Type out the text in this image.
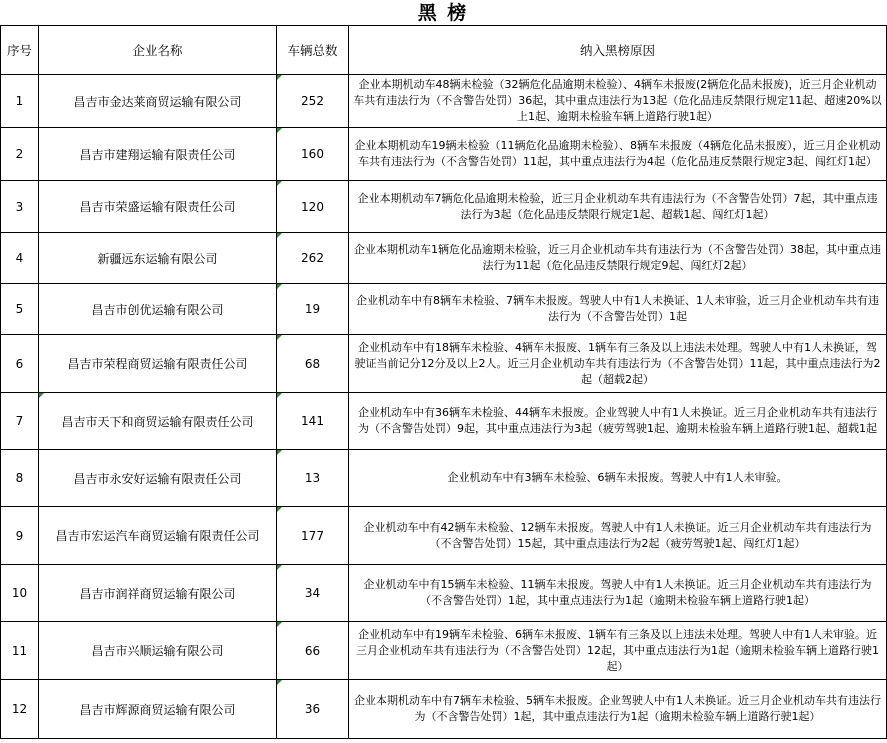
黑 榜
序号	企业名称	车辆总数	纳入黑榜原因
1	昌吉市金达莱商贸运输有限公司	252	企业本期机动车48辆未检验（32辆危化品逾期未检验）、4辆车未报废(2辆危化品未报废)，近三月企业机动车共有违法行为（不含警告处罚）36起，其中重点违法行为13起（危化品违反禁限行规定11起、超速20%以上1起、逾期未检验车辆上道路行驶1起）
2	昌吉市建翔运输有限责任公司	160	企业本期机动车19辆未检验（11辆危化品逾期未检验）、8辆车未报废（4辆危化品未报废），近三月企业机动车共有违法行为（不含警告处罚）11起，其中重点违法行为4起（危化品违反禁限行规定3起、闯红灯1起）
3	昌吉市荣盛运输有限责任公司	120	企业本期机动车7辆危化品逾期未检验，近三月企业机动车共有违法行为（不含警告处罚）7起，其中重点违法行为3起（危化品违反禁限行规定1起、超载1起、闯红灯1起）
4	新疆远东运输有限公司	262	企业本期机动车1辆危化品逾期未检验，近三月企业机动车共有违法行为（不含警告处罚）38起，其中重点违法行为11起（危化品违反禁限行规定9起、闯红灯2起）
5	昌吉市创优运输有限公司	19	企业机动车中有8辆车未检验、7辆车未报废。驾驶人中有1人未换证、1人未审验，近三月企业机动车共有违法行为（不含警告处罚）1起
6	昌吉市荣程商贸运输有限责任公司	68	企业机动车中有18辆车未检验、4辆车未报废、1辆车有三条及以上违法未处理。驾驶人中有1人未换证，驾驶证当前记分12分及以上2人。近三月企业机动车共有违法行为（不含警告处罚）11起，其中重点违法行为2起（超载2起）
7	昌吉市天下和商贸运输有限责任公司	141	企业机动车中有36辆车未检验、44辆车未报废。企业驾驶人中有1人未换证。近三月企业机动车共有违法行为（不含警告处罚）9起，其中重点违法行为3起（疲劳驾驶1起、逾期未检验车辆上道路行驶1起、超载1起
8	昌吉市永安好运输有限责任公司	13	企业机动车中有3辆车未检验、6辆车未报废。驾驶人中有1人未审验。
9	昌吉市宏运汽车商贸运输有限责任公司	177	企业机动车中有42辆车未检验、12辆车未报废。驾驶人中有1人未换证。近三月企业机动车共有违法行为（不含警告处罚）15起，其中重点违法行为2起（疲劳驾驶1起、闯红灯1起）
10	昌吉市润祥商贸运输有限公司	34	企业机动车中有15辆车未检验、11辆车未报废。驾驶人中有1人未换证。近三月企业机动车共有违法行为（不含警告处罚）1起，其中重点违法行为1起（逾期未检验车辆上道路行驶1起）
11	昌吉市兴顺运输有限公司	66	企业机动车中有19辆车未检验、6辆车未报废、1辆车有三条及以上违法未处理。驾驶人中有1人未审验。近三月企业机动车共有违法行为（不含警告处罚）12起，其中重点违法行为1起（逾期未检验车辆上道路行驶1起）
12	昌吉市辉源商贸运输有限公司	36	企业本期机动车中有7辆车未检验、5辆车未报废。企业驾驶人中有1人未换证。近三月企业机动车共有违法行为（不含警告处罚）1起，其中重点违法行为1起（逾期未检验车辆上道路行驶1起）
